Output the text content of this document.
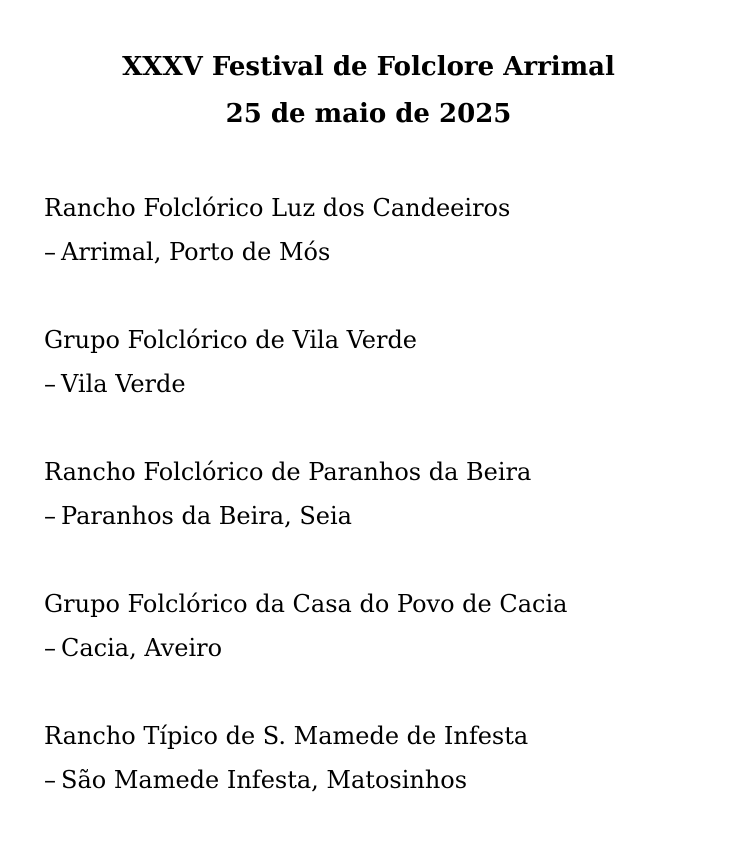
XXXV Festival de Folclore Arrimal
25 de maio de 2025
Rancho Folclórico Luz dos Candeeiros
– Arrimal, Porto de Mós
Grupo Folclórico de Vila Verde
– Vila Verde
Rancho Folclórico de Paranhos da Beira
– Paranhos da Beira, Seia
Grupo Folclórico da Casa do Povo de Cacia
– Cacia, Aveiro
Rancho Típico de S. Mamede de Infesta
– São Mamede Infesta, Matosinhos
